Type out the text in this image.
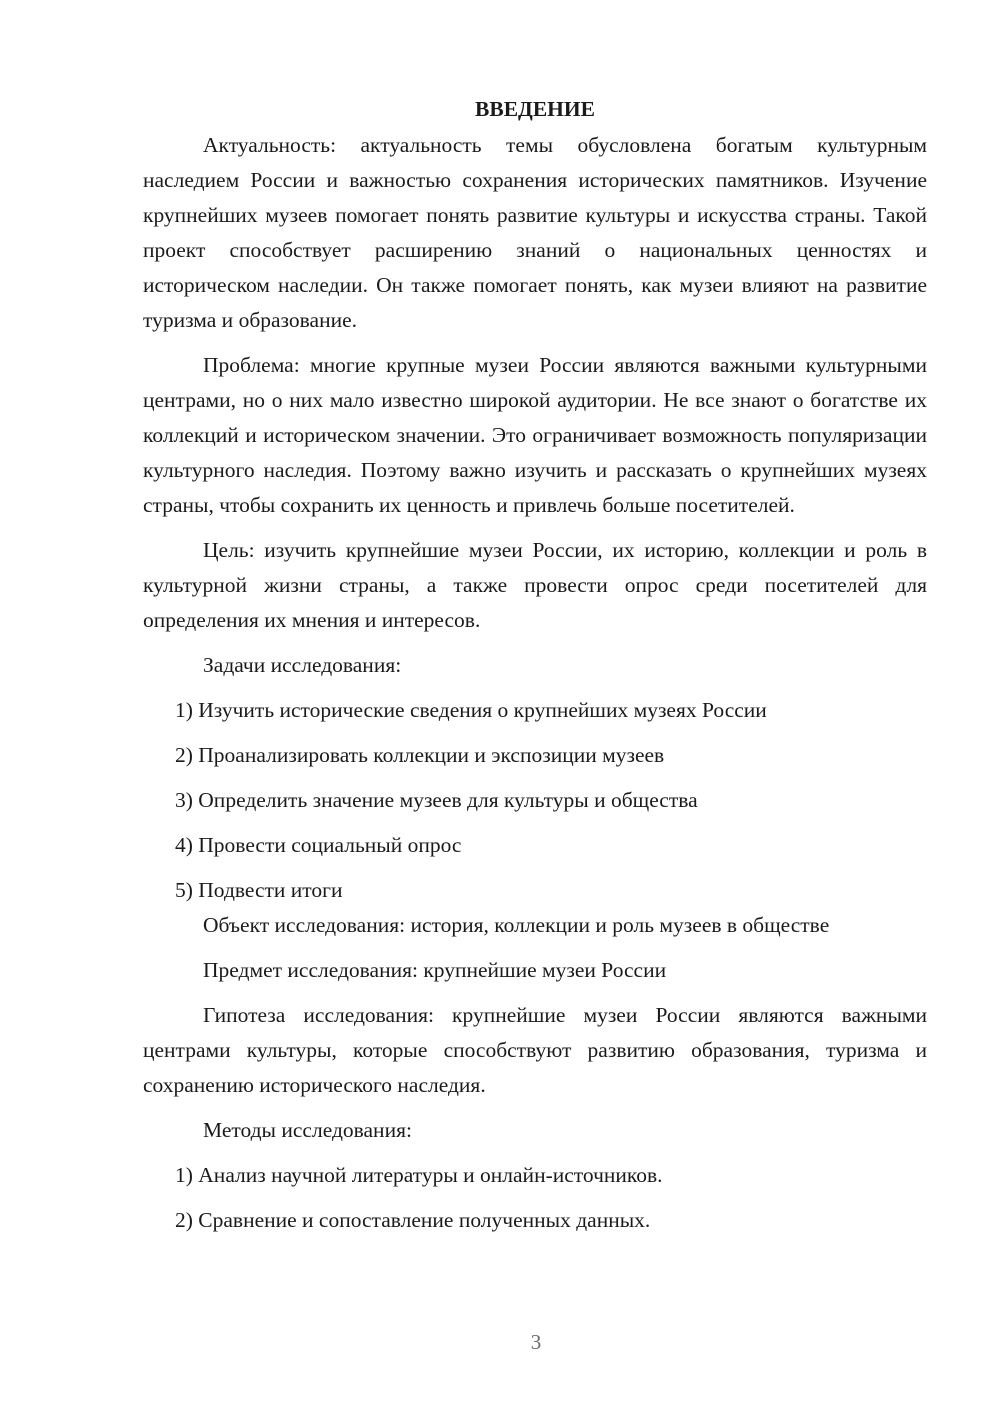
ВВЕДЕНИЕ

Актуальность: актуальность темы обусловлена богатым культурным наследием России и важностью сохранения исторических памятников. Изучение крупнейших музеев помогает понять развитие культуры и искусства страны. Такой проект способствует расширению знаний о национальных ценностях и историческом наследии. Он также помогает понять, как музеи влияют на развитие туризма и образование.

Проблема: многие крупные музеи России являются важными культурными центрами, но о них мало известно широкой аудитории. Не все знают о богатстве их коллекций и историческом значении. Это ограничивает возможность популяризации культурного наследия. Поэтому важно изучить и рассказать о крупнейших музеях страны, чтобы сохранить их ценность и привлечь больше посетителей.

Цель: изучить крупнейшие музеи России, их историю, коллекции и роль в культурной жизни страны, а также провести опрос среди посетителей для определения их мнения и интересов.

Задачи исследования:

1) Изучить исторические сведения о крупнейших музеях России

2) Проанализировать коллекции и экспозиции музеев

3) Определить значение музеев для культуры и общества

4) Провести социальный опрос

5) Подвести итоги

Объект исследования: история, коллекции и роль музеев в обществе

Предмет исследования: крупнейшие музеи России

Гипотеза исследования: крупнейшие музеи России являются важными центрами культуры, которые способствуют развитию образования, туризма и сохранению исторического наследия.

Методы исследования:

1) Анализ научной литературы и онлайн-источников.

2) Сравнение и сопоставление полученных данных.

3
